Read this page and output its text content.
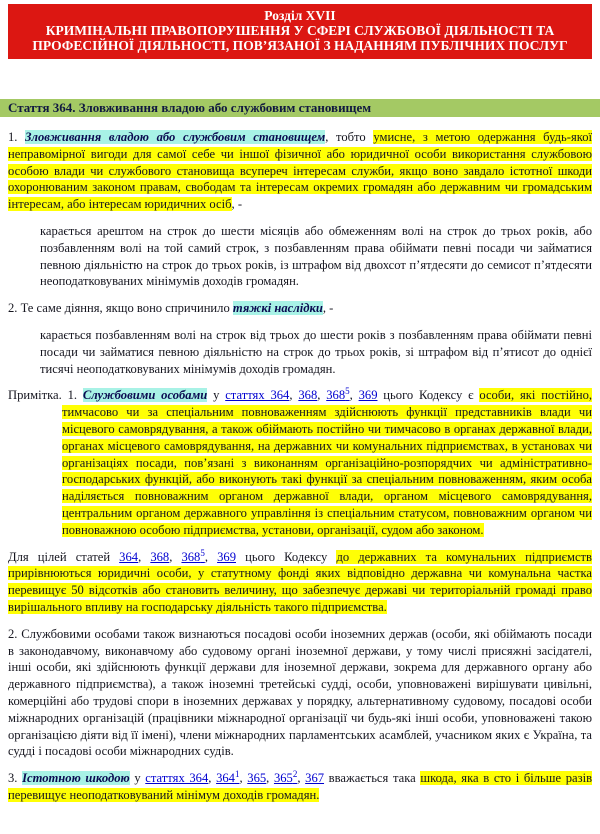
Розділ XVII
КРИМІНАЛЬНІ ПРАВОПОРУШЕННЯ У СФЕРІ СЛУЖБОВОЇ ДІЯЛЬНОСТІ ТА ПРОФЕСІЙНОЇ ДІЯЛЬНОСТІ, ПОВ’ЯЗАНОЇ З НАДАННЯМ ПУБЛІЧНИХ ПОСЛУГ
Стаття 364. Зловживання владою або службовим становищем

1. Зловживання владою або службовим становищем, тобто умисне, з метою одержання будь-якої неправомірної вигоди для самої себе чи іншої фізичної або юридичної особи використання службовою особою влади чи службового становища всупереч інтересам служби, якщо воно завдало істотної шкоди охоронюваним законом правам, свободам та інтересам окремих громадян або державним чи громадським інтересам, або інтересам юридичних осіб, -

карається арештом на строк до шести місяців або обмеженням волі на строк до трьох років, або позбавленням волі на той самий строк, з позбавленням права обіймати певні посади чи займатися певною діяльністю на строк до трьох років, із штрафом від двохсот п’ятдесяти до семисот п’ятдесяти неоподатковуваних мінімумів доходів громадян.

2. Те саме діяння, якщо воно спричинило тяжкі наслідки, -

карається позбавленням волі на строк від трьох до шести років з позбавленням права обіймати певні посади чи займатися певною діяльністю на строк до трьох років, зі штрафом від п’ятисот до однієї тисячі неоподатковуваних мінімумів доходів громадян.

Примітка. 1. Службовими особами у статтях 364, 368, 368$^5$, 369 цього Кодексу є особи, які постійно, тимчасово чи за спеціальним повноваженням здійснюють функції представників влади чи місцевого самоврядування, а також обіймають постійно чи тимчасово в органах державної влади, органах місцевого самоврядування, на державних чи комунальних підприємствах, в установах чи організаціях посади, пов’язані з виконанням організаційно-розпорядчих чи адміністративно-господарських функцій, або виконують такі функції за спеціальним повноваженням, яким особа наділяється повноважним органом державної влади, органом місцевого самоврядування, центральним органом державного управління із спеціальним статусом, повноважним органом чи повноважною особою підприємства, установи, організації, судом або законом.

Для цілей статей 364, 368, 368$^5$, 369 цього Кодексу до державних та комунальних підприємств прирівнюються юридичні особи, у статутному фонді яких відповідно державна чи комунальна частка перевищує 50 відсотків або становить величину, що забезпечує державі чи територіальній громаді право вирішального впливу на господарську діяльність такого підприємства.

2. Службовими особами також визнаються посадові особи іноземних держав (особи, які обіймають посади в законодавчому, виконавчому або судовому органі іноземної держави, у тому числі присяжні засідателі, інші особи, які здійснюють функції держави для іноземної держави, зокрема для державного органу або державного підприємства), а також іноземні третейські судді, особи, уповноважені вирішувати цивільні, комерційні або трудові спори в іноземних державах у порядку, альтернативному судовому, посадові особи міжнародних організацій (працівники міжнародної організації чи будь-які інші особи, уповноважені такою організацією діяти від її імені), члени міжнародних парламентських асамблей, учасником яких є Україна, та судді і посадові особи міжнародних судів.

3. Істотною шкодою у статтях 364, 364$^1$, 365, 365$^2$, 367 вважається така шкода, яка в сто і більше разів перевищує неоподатковуваний мінімум доходів громадян.
